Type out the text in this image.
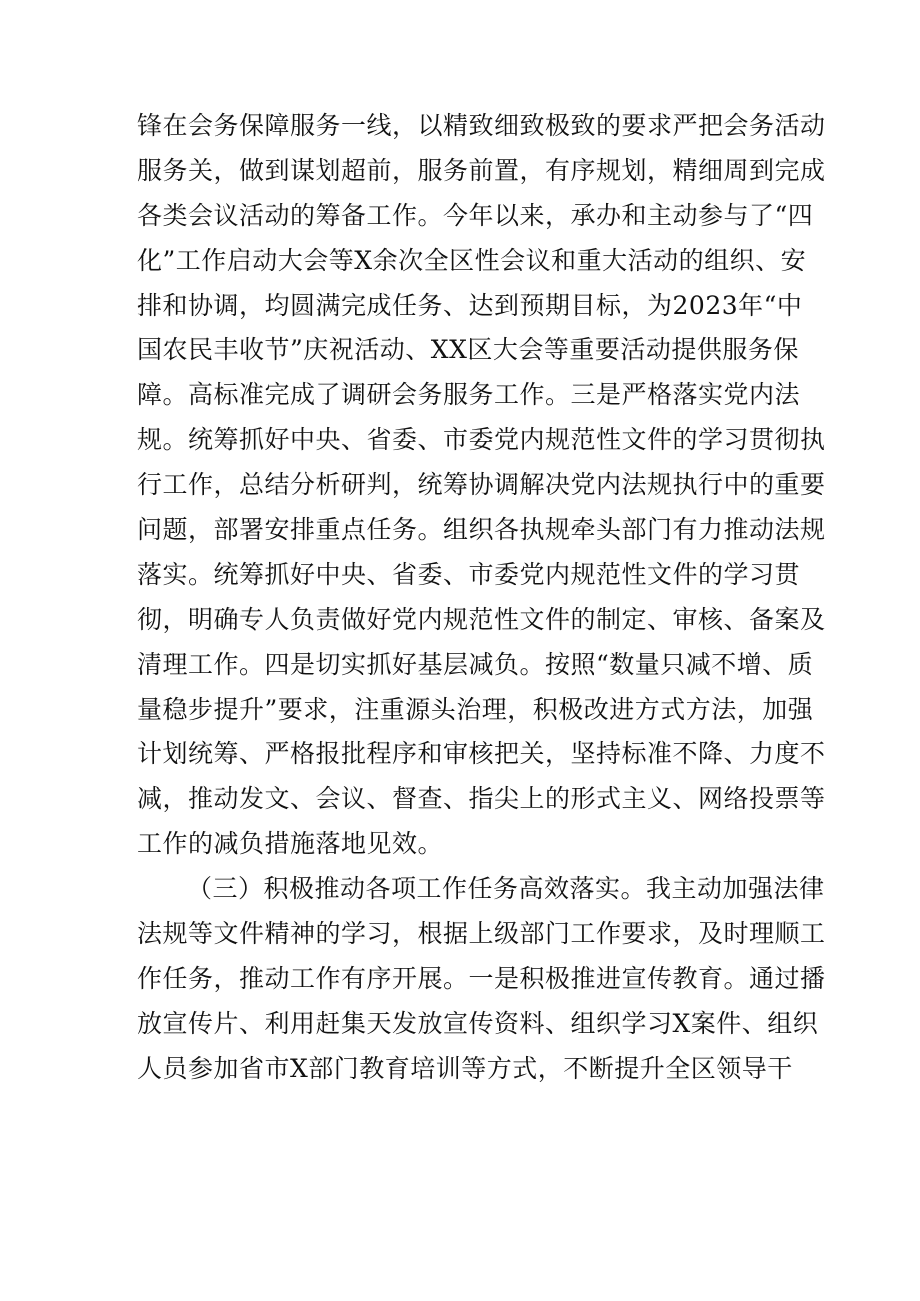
锋在会务保障服务一线，以精致细致极致的要求严把会务活动
服务关，做到谋划超前，服务前置，有序规划，精细周到完成
各类会议活动的筹备工作。今年以来，承办和主动参与了“四
化”工作启动大会等X余次全区性会议和重大活动的组织、安
排和协调，均圆满完成任务、达到预期目标，为2023年“中
国农民丰收节”庆祝活动、XX区大会等重要活动提供服务保
障。高标准完成了调研会务服务工作。三是严格落实党内法
规。统筹抓好中央、省委、市委党内规范性文件的学习贯彻执
行工作，总结分析研判，统筹协调解决党内法规执行中的重要
问题，部署安排重点任务。组织各执规牵头部门有力推动法规
落实。统筹抓好中央、省委、市委党内规范性文件的学习贯
彻，明确专人负责做好党内规范性文件的制定、审核、备案及
清理工作。四是切实抓好基层减负。按照“数量只减不增、质
量稳步提升”要求，注重源头治理，积极改进方式方法，加强
计划统筹、严格报批程序和审核把关，坚持标准不降、力度不
减，推动发文、会议、督查、指尖上的形式主义、网络投票等
工作的减负措施落地见效。
（三）积极推动各项工作任务高效落实。我主动加强法律
法规等文件精神的学习，根据上级部门工作要求，及时理顺工
作任务，推动工作有序开展。一是积极推进宣传教育。通过播
放宣传片、利用赶集天发放宣传资料、组织学习X案件、组织
人员参加省市X部门教育培训等方式，不断提升全区领导干
